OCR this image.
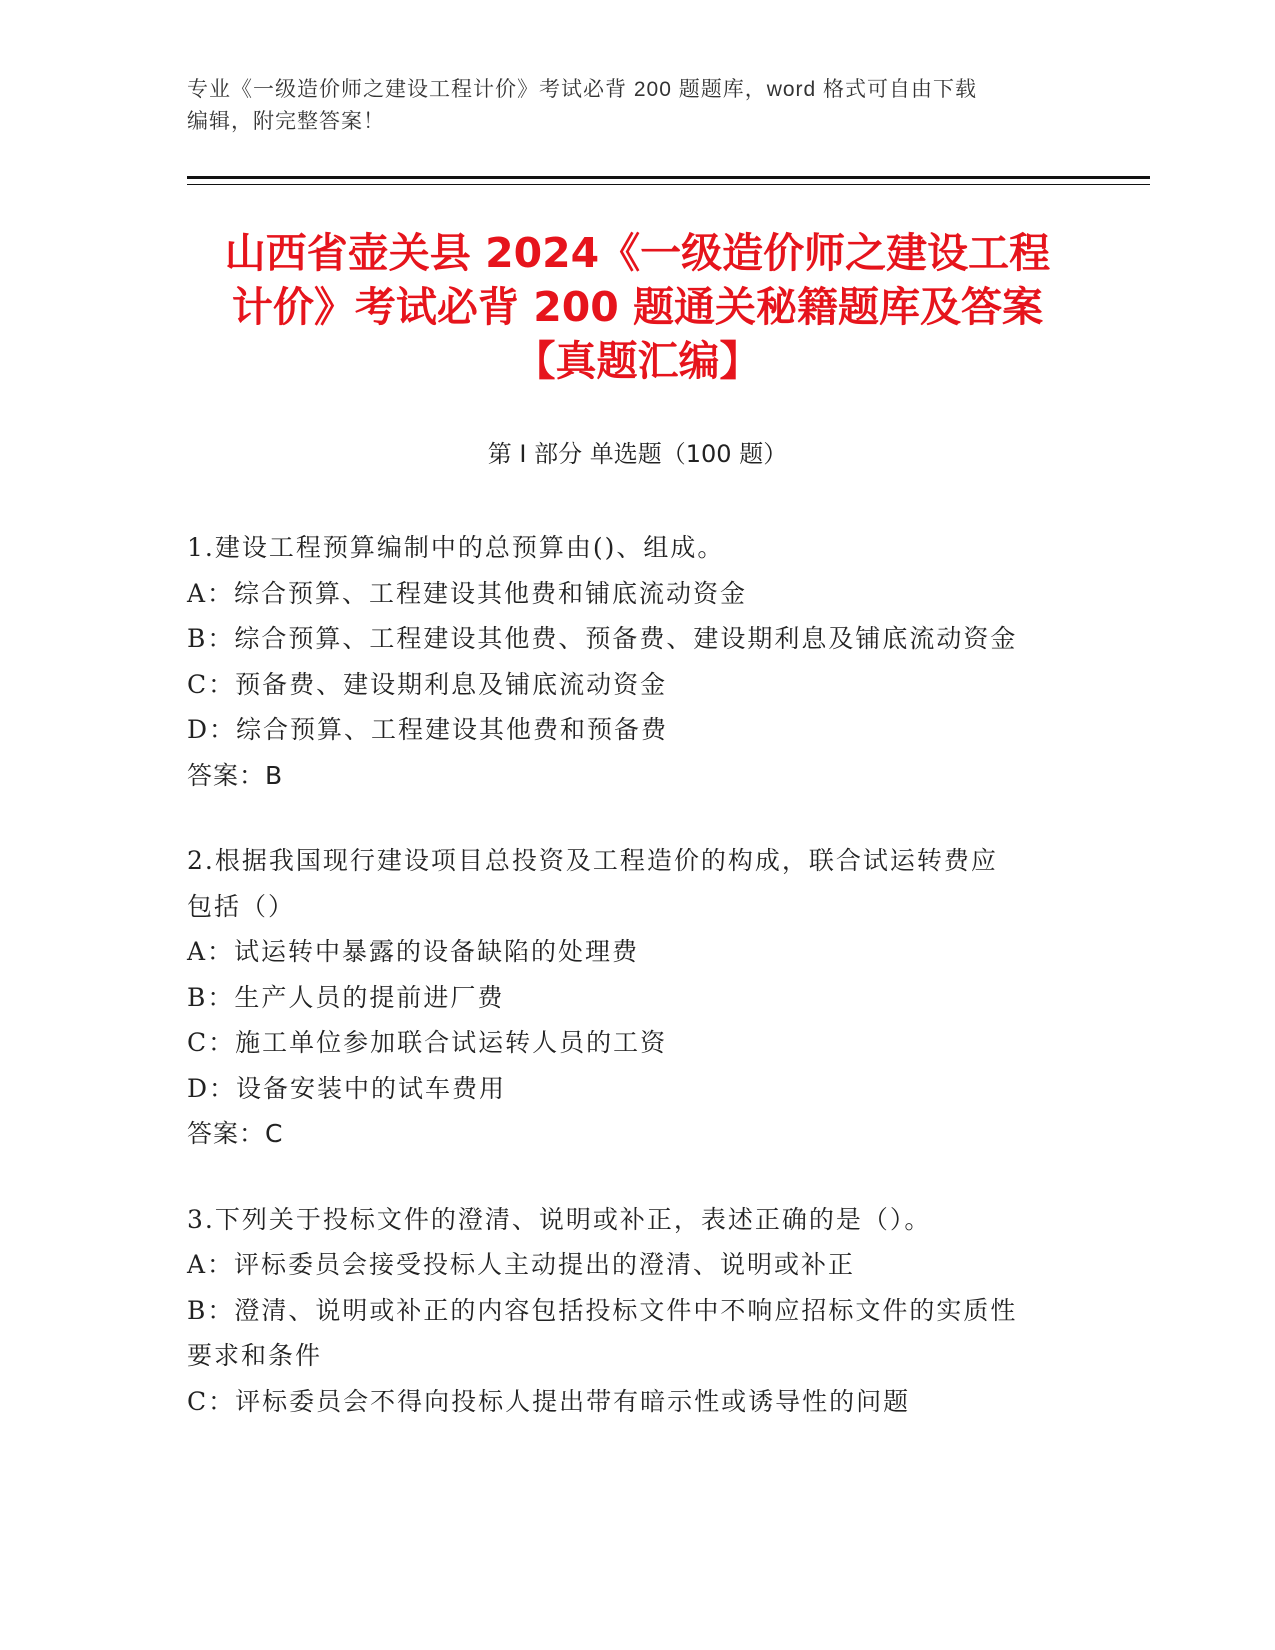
专业《一级造价师之建设工程计价》考试必背 200 题题库，word 格式可自由下载
编辑，附完整答案！
山西省壶关县 2024《一级造价师之建设工程
计价》考试必背 200 题通关秘籍题库及答案
【真题汇编】
第 I 部分 单选题（100 题）
1.建设工程预算编制中的总预算由()、组成。
A：综合预算、工程建设其他费和铺底流动资金
B：综合预算、工程建设其他费、预备费、建设期利息及铺底流动资金
C：预备费、建设期利息及铺底流动资金
D：综合预算、工程建设其他费和预备费
答案：B
2.根据我国现行建设项目总投资及工程造价的构成，联合试运转费应
包括（）
A：试运转中暴露的设备缺陷的处理费
B：生产人员的提前进厂费
C：施工单位参加联合试运转人员的工资
D：设备安装中的试车费用
答案：C
3.下列关于投标文件的澄清、说明或补正，表述正确的是（）。
A：评标委员会接受投标人主动提出的澄清、说明或补正
B：澄清、说明或补正的内容包括投标文件中不响应招标文件的实质性
要求和条件
C：评标委员会不得向投标人提出带有暗示性或诱导性的问题
